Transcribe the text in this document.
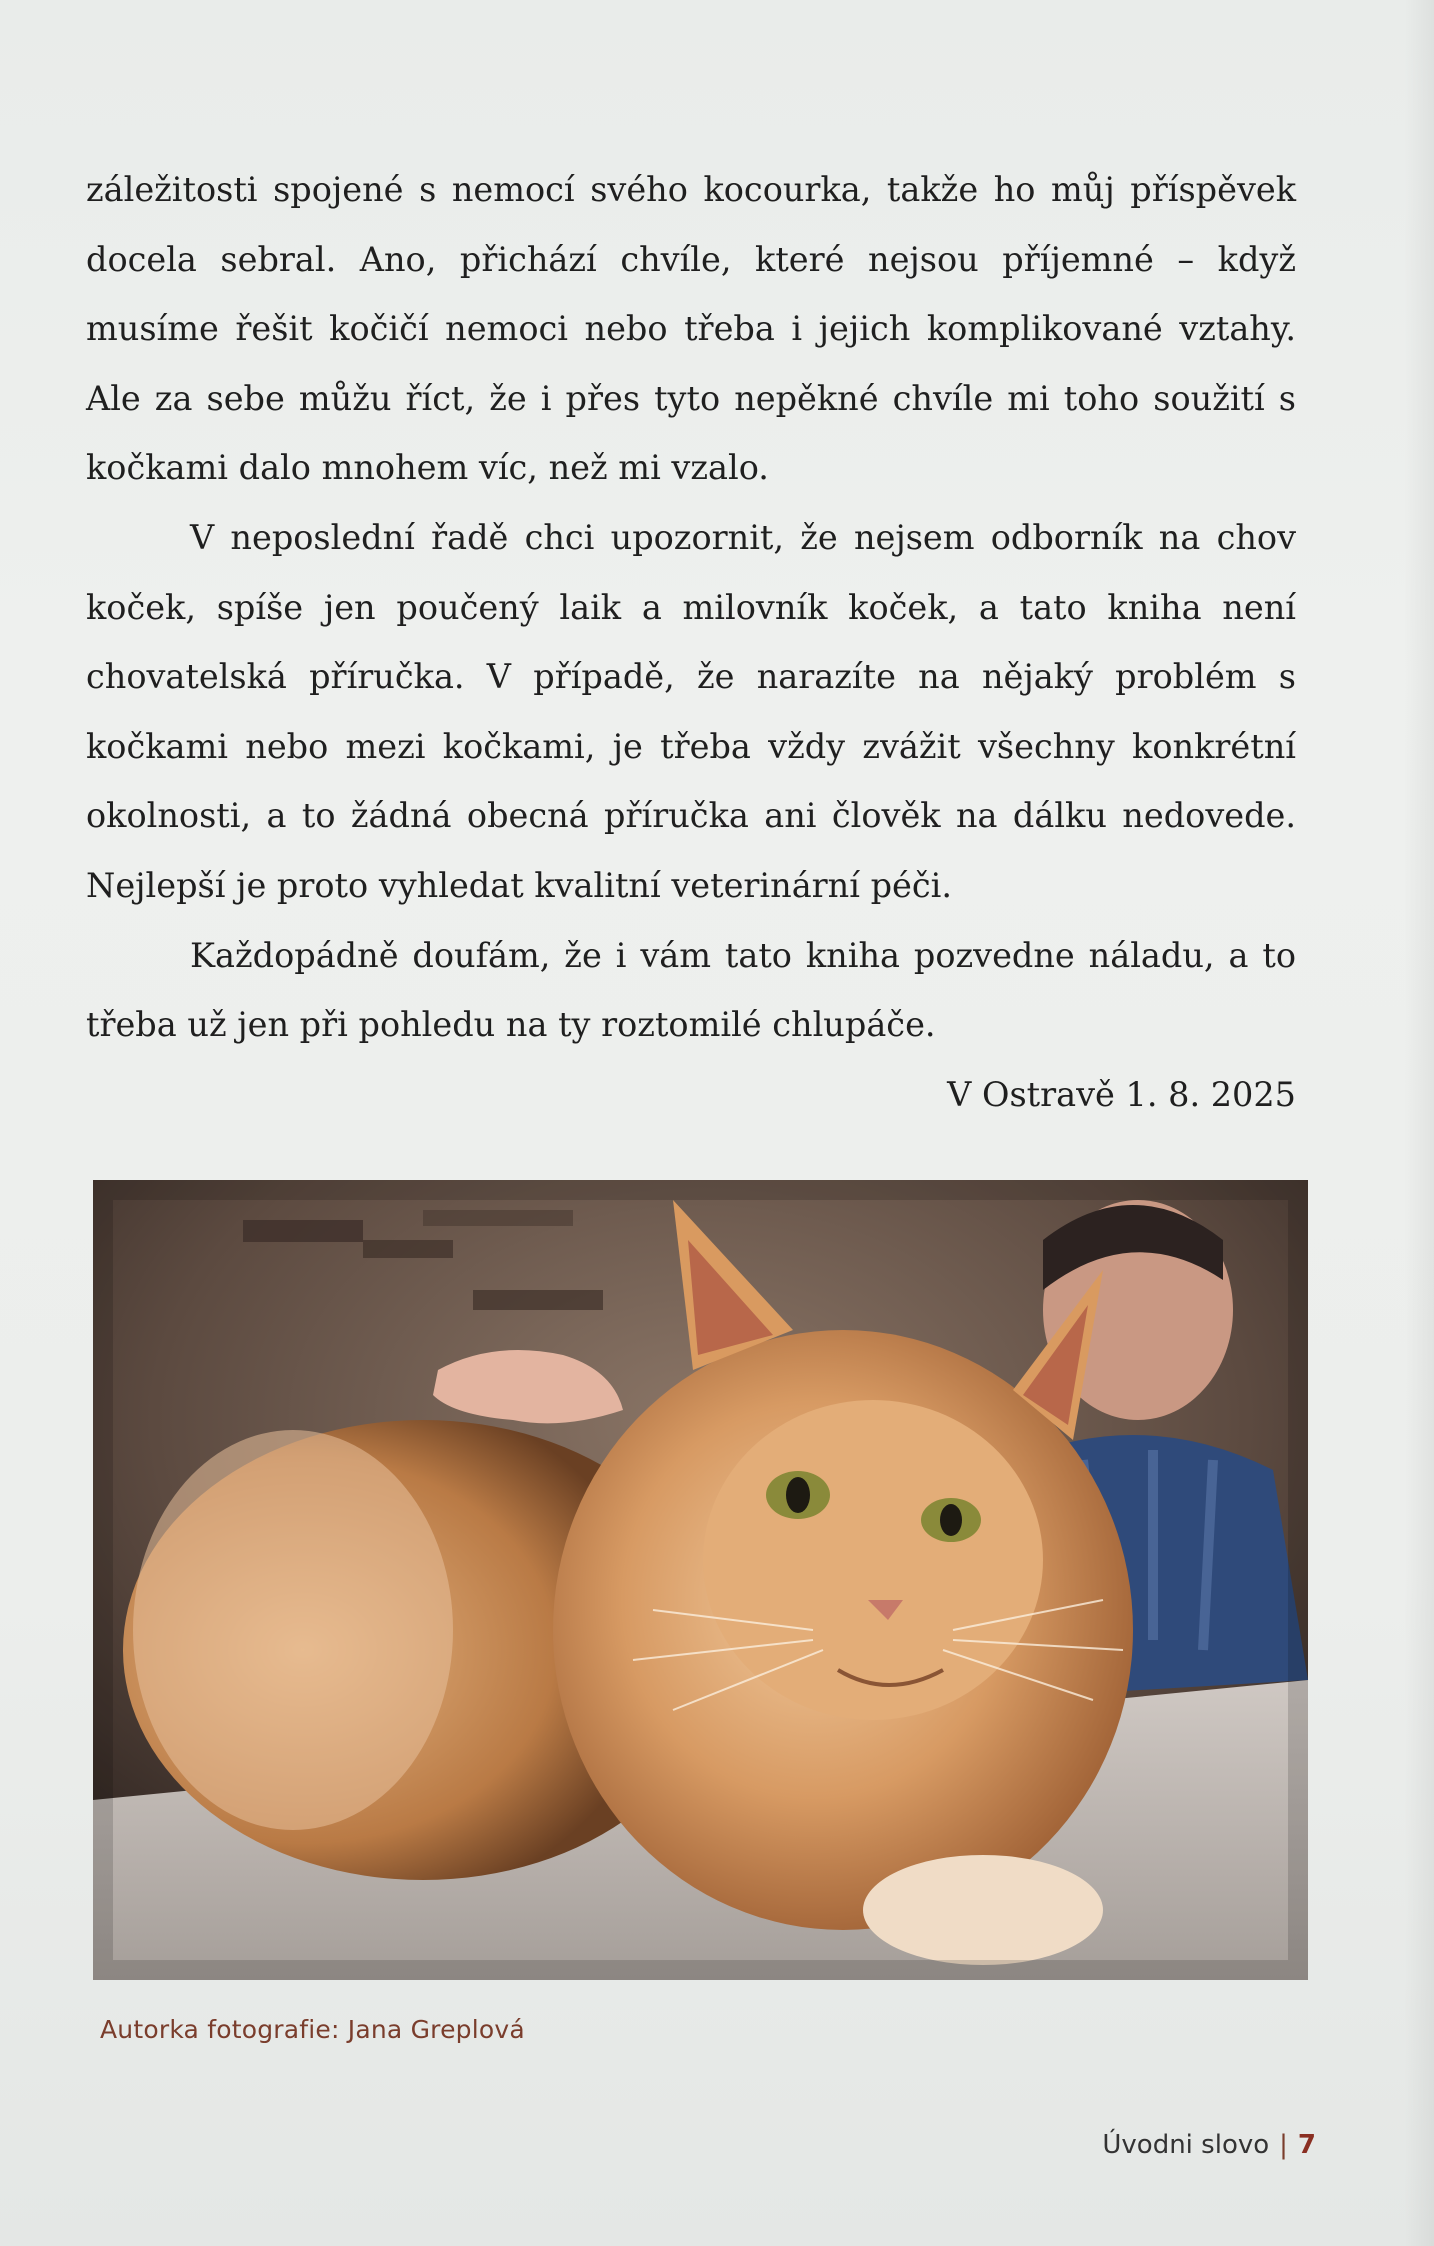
záležitosti spojené s nemocí svého kocourka, takže ho můj příspěvek docela sebral. Ano, přichází chvíle, které nejsou příjemné – když musíme řešit kočičí nemoci nebo třeba i jejich komplikované vztahy. Ale za sebe můžu říct, že i přes tyto nepěkné chvíle mi toho soužití s kočkami dalo mnohem víc, než mi vzalo.

V neposlední řadě chci upozornit, že nejsem odborník na chov koček, spíše jen poučený laik a milovník koček, a tato kniha není chovatelská příručka. V případě, že narazíte na nějaký problém s kočkami nebo mezi kočkami, je třeba vždy zvážit všechny konkrétní okolnosti, a to žádná obecná příručka ani člověk na dálku nedovede. Nejlepší je proto vyhledat kvalitní veterinární péči.

Každopádně doufám, že i vám tato kniha pozvedne náladu, a to třeba už jen při pohledu na ty roztomilé chlupáče.

V Ostravě 1. 8. 2025

Autorka fotografie: Jana Greplová
Úvodni slovo | 7
